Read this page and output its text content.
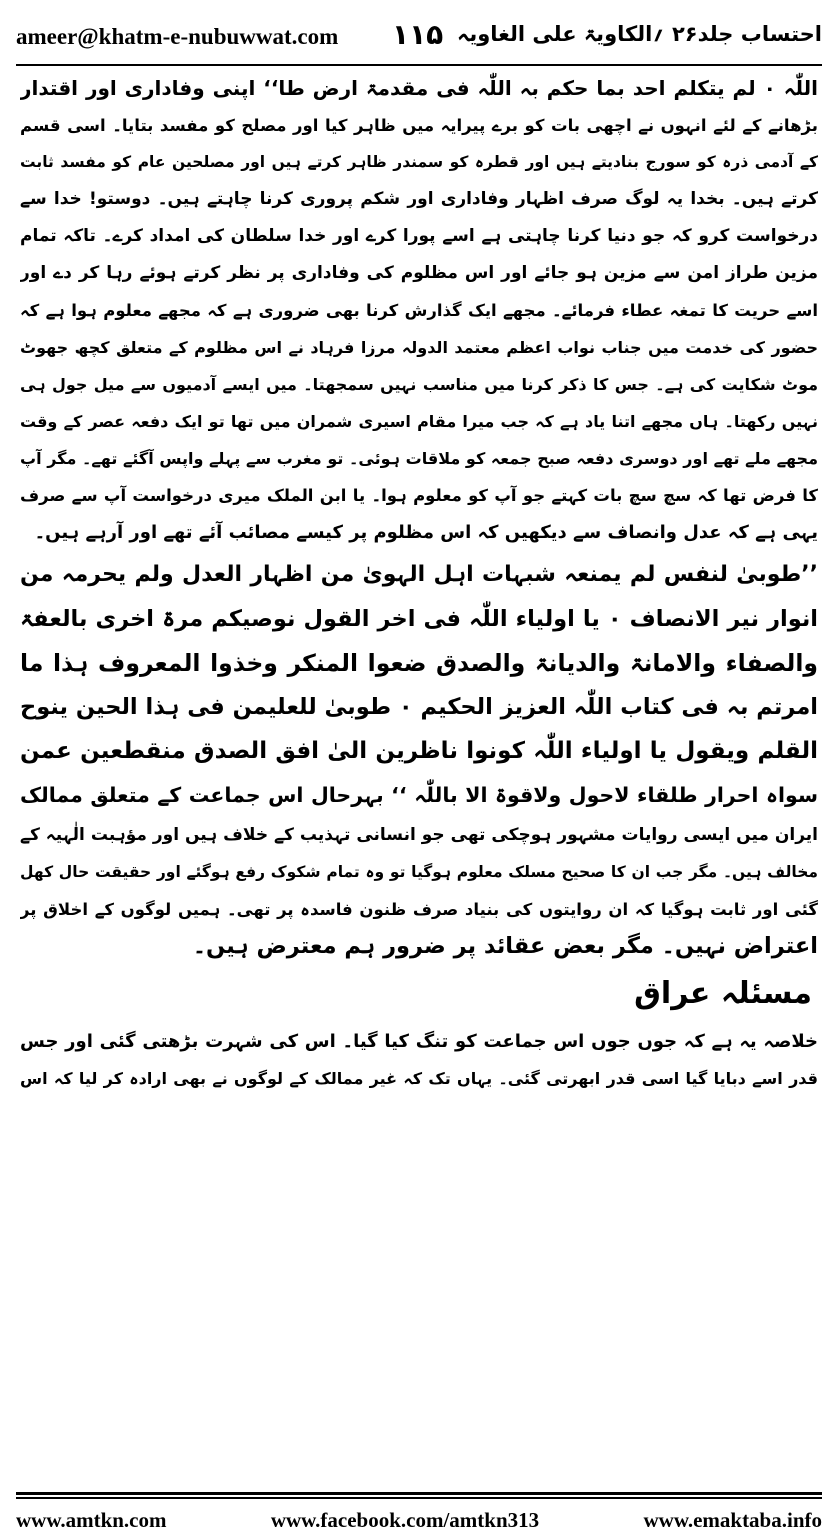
ameer@khatm-e-nubuwwat.com ۱۱۵ احتساب جلد۲۶ ؍الکاویۃ علی الغاویہ
اللّٰہ ۰ لم یتکلم احد بما حکم بہ اللّٰہ فی مقدمۃ ارض طا‘‘ اپنی وفاداری اور اقتدار
بڑھانے کے لئے انہوں نے اچھی بات کو برے پیرایہ میں ظاہر کیا اور مصلح کو مفسد بتایا۔ اسی قسم
کے آدمی ذرہ کو سورج بنادیتے ہیں اور قطرہ کو سمندر ظاہر کرتے ہیں اور مصلحین عام کو مفسد ثابت
کرتے ہیں۔ بخدا یہ لوگ صرف اظہار وفاداری اور شکم پروری کرنا چاہتے ہیں۔ دوستو! خدا سے
درخواست کرو کہ جو دنیا کرنا چاہتی ہے اسے پورا کرے اور خدا سلطان کی امداد کرے۔ تاکہ تمام
مزین طراز امن سے مزین ہو جائے اور اس مظلوم کی وفاداری پر نظر کرتے ہوئے رہا کر دے اور
اسے حریت کا تمغہ عطاء فرمائے۔ مجھے ایک گذارش کرنا بھی ضروری ہے کہ مجھے معلوم ہوا ہے کہ
حضور کی خدمت میں جناب نواب اعظم معتمد الدولہ مرزا فرہاد نے اس مظلوم کے متعلق کچھ جھوٹ
موٹ شکایت کی ہے۔ جس کا ذکر کرنا میں مناسب نہیں سمجھتا۔ میں ایسے آدمیوں سے میل جول ہی
نہیں رکھتا۔ ہاں مجھے اتنا یاد ہے کہ جب میرا مقام اسیری شمران میں تھا تو ایک دفعہ عصر کے وقت
مجھے ملے تھے اور دوسری دفعہ صبح جمعہ کو ملاقات ہوئی۔ تو مغرب سے پہلے واپس آگئے تھے۔ مگر آپ
کا فرض تھا کہ سچ سچ بات کہتے جو آپ کو معلوم ہوا۔ یا ابن الملک میری درخواست آپ سے صرف
یہی ہے کہ عدل وانصاف سے دیکھیں کہ اس مظلوم پر کیسے مصائب آئے تھے اور آرہے ہیں۔
’’طوبیٰ لنفس لم یمنعہ شبہات اہل الہویٰ من اظہار العدل ولم یحرمہ من
انوار نیر الانصاف ۰ یا اولیاء اللّٰہ فی اخر القول نوصیکم مرۃ اخری بالعفۃ
والصفاء والامانۃ والدیانۃ والصدق ضعوا المنکر وخذوا المعروف ہذا ما
امرتم بہ فی کتاب اللّٰہ العزیز الحکیم ۰ طوبیٰ للعلیمن فی ہذا الحین ینوح
القلم ویقول یا اولیاء اللّٰہ کونوا ناظرین الیٰ افق الصدق منقطعین عمن
سواہ احرار طلقاء لاحول ولاقوۃ الا باللّٰہ ‘‘ بہرحال اس جماعت کے متعلق ممالک
ایران میں ایسی روایات مشہور ہوچکی تھی جو انسانی تہذیب کے خلاف ہیں اور مؤہبت الٰہیہ کے
مخالف ہیں۔ مگر جب ان کا صحیح مسلک معلوم ہوگیا تو وہ تمام شکوک رفع ہوگئے اور حقیقت حال کھل
گئی اور ثابت ہوگیا کہ ان روایتوں کی بنیاد صرف ظنون فاسدہ پر تھی۔ ہمیں لوگوں کے اخلاق پر
اعتراض نہیں۔ مگر بعض عقائد پر ضرور ہم معترض ہیں۔
مسئلہ عراق
خلاصہ یہ ہے کہ جوں جوں اس جماعت کو تنگ کیا گیا۔ اس کی شہرت بڑھتی گئی اور جس
قدر اسے دبایا گیا اسی قدر ابھرتی گئی۔ یہاں تک کہ غیر ممالک کے لوگوں نے بھی ارادہ کر لیا کہ اس
www.amtkn.com	www.facebook.com/amtkn313	www.emaktaba.info
